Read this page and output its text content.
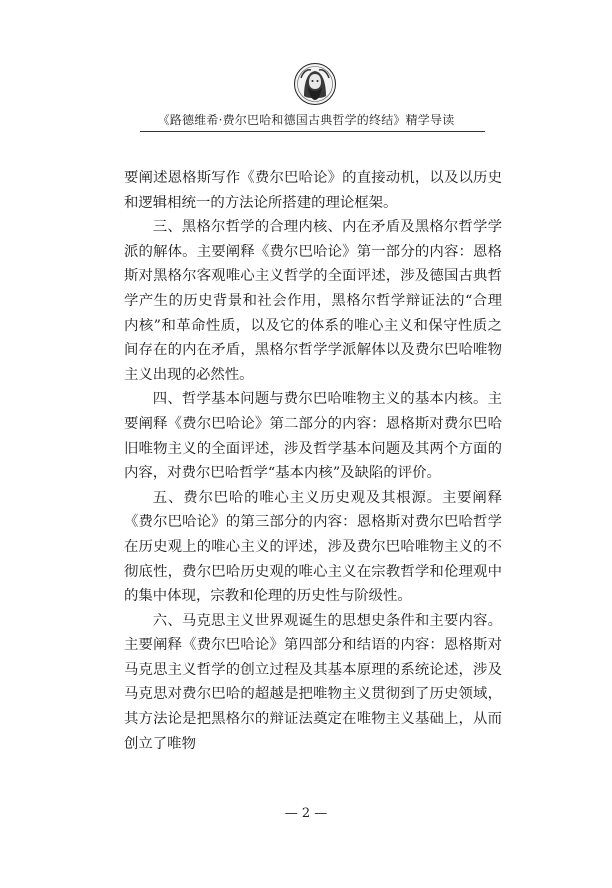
《路德维希·费尔巴哈和德国古典哲学的终结》精学导读

要阐述恩格斯写作《费尔巴哈论》的直接动机，以及以历史和逻辑相统一的方法论所搭建的理论框架。

三、黑格尔哲学的合理内核、内在矛盾及黑格尔哲学学派的解体。主要阐释《费尔巴哈论》第一部分的内容：恩格斯对黑格尔客观唯心主义哲学的全面评述，涉及德国古典哲学产生的历史背景和社会作用，黑格尔哲学辩证法的“合理内核”和革命性质，以及它的体系的唯心主义和保守性质之间存在的内在矛盾，黑格尔哲学学派解体以及费尔巴哈唯物主义出现的必然性。

四、哲学基本问题与费尔巴哈唯物主义的基本内核。主要阐释《费尔巴哈论》第二部分的内容：恩格斯对费尔巴哈旧唯物主义的全面评述，涉及哲学基本问题及其两个方面的内容，对费尔巴哈哲学“基本内核”及缺陷的评价。

五、费尔巴哈的唯心主义历史观及其根源。主要阐释《费尔巴哈论》的第三部分的内容：恩格斯对费尔巴哈哲学在历史观上的唯心主义的评述，涉及费尔巴哈唯物主义的不彻底性，费尔巴哈历史观的唯心主义在宗教哲学和伦理观中的集中体现，宗教和伦理的历史性与阶级性。

六、马克思主义世界观诞生的思想史条件和主要内容。主要阐释《费尔巴哈论》第四部分和结语的内容：恩格斯对马克思主义哲学的创立过程及其基本原理的系统论述，涉及马克思对费尔巴哈的超越是把唯物主义贯彻到了历史领域，其方法论是把黑格尔的辩证法奠定在唯物主义基础上，从而创立了唯物

— 2 —
